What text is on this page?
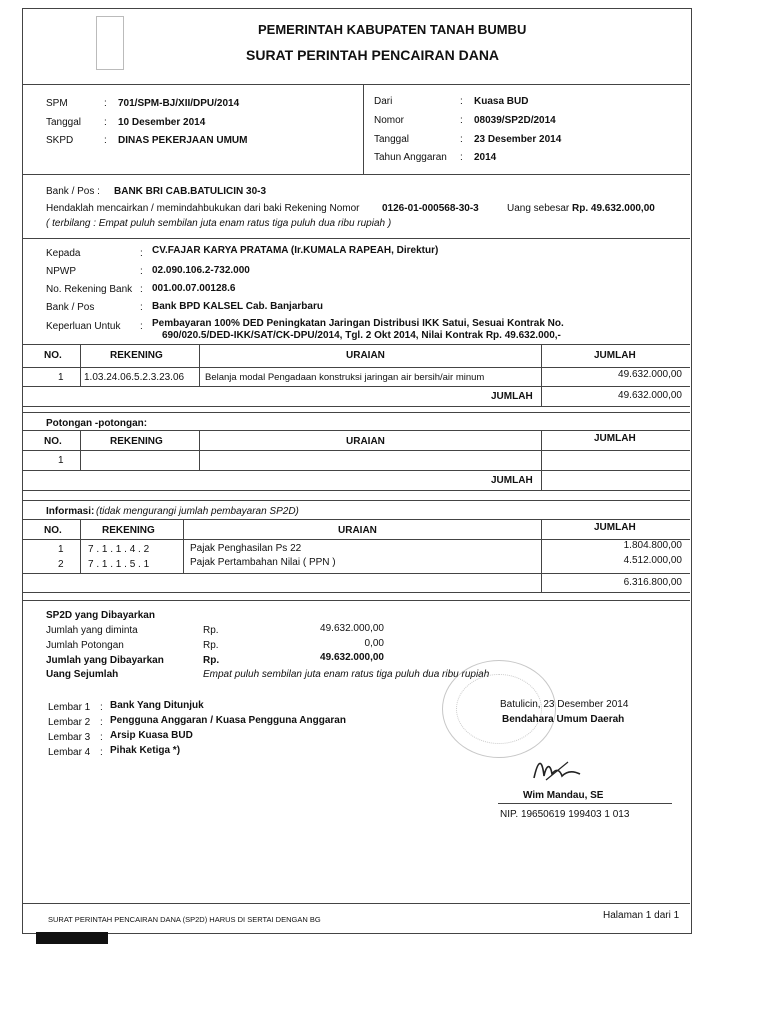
PEMERINTAH KABUPATEN TANAH BUMBU
SURAT PERINTAH PENCAIRAN DANA
SPM	: 701/SPM-BJ/XII/DPU/2014
Tanggal : 10 Desember 2014
SKPD	: DINAS PEKERJAAN UMUM
Dari	: Kuasa BUD
Nomor	: 08039/SP2D/2014
Tanggal	: 23 Desember 2014
Tahun Anggaran : 2014
Bank / Pos : BANK BRI CAB.BATULICIN 30-3
Hendaklah mencairkan / memindahbukukan dari baki Rekening Nomor 0126-01-000568-30-3	Uang sebesar Rp. 49.632.000,00
( terbilang : Empat puluh sembilan juta enam ratus tiga puluh dua ribu rupiah )
Kepada	: CV.FAJAR KARYA PRATAMA (Ir.KUMALA RAPEAH, Direktur)
NPWP	: 02.090.106.2-732.000
No. Rekening Bank : 001.00.07.00128.6
Bank / Pos	: Bank BPD KALSEL Cab. Banjarbaru
Keperluan Untuk : Pembayaran 100% DED Peningkatan Jaringan Distribusi IKK Satui, Sesuai Kontrak No.
690/020.5/DED-IKK/SAT/CK-DPU/2014, Tgl. 2 Okt 2014, Nilai Kontrak Rp. 49.632.000,-
NO.	REKENING	URAIAN	JUMLAH
1 1.03.24.06.5.2.3.23.06 Belanja modal Pengadaan konstruksi jaringan air bersih/air minum	49.632.000,00
JUMLAH	49.632.000,00
Potongan -potongan:
NO.	REKENING	URAIAN	JUMLAH
1
JUMLAH
Informasi: (tidak mengurangi jumlah pembayaran SP2D)
NO.	REKENING	URAIAN	JUMLAH
1 7 . 1 . 1 . 4 . 2	Pajak Penghasilan Ps 22	1.804.800,00
2 7 . 1 . 1 . 5 . 1	Pajak Pertambahan Nilai ( PPN )	4.512.000,00
6.316.800,00
SP2D yang Dibayarkan
Jumlah yang diminta	Rp.	49.632.000,00
Jumlah Potongan	Rp.	0,00
Jumlah yang Dibayarkan	Rp.	49.632.000,00
Uang Sejumlah	Empat puluh sembilan juta enam ratus tiga puluh dua ribu rupiah
Lembar 1 : Bank Yang Ditunjuk
Lembar 2 : Pengguna Anggaran / Kuasa Pengguna Anggaran
Lembar 3 : Arsip Kuasa BUD
Lembar 4 : Pihak Ketiga *)
Batulicin, 23 Desember 2014
Bendahara Umum Daerah
Wim Mandau, SE
NIP. 19650619 199403 1 013
SURAT PERINTAH PENCAIRAN DANA (SP2D) HARUS DI SERTAI DENGAN BG	Halaman 1 dari 1
